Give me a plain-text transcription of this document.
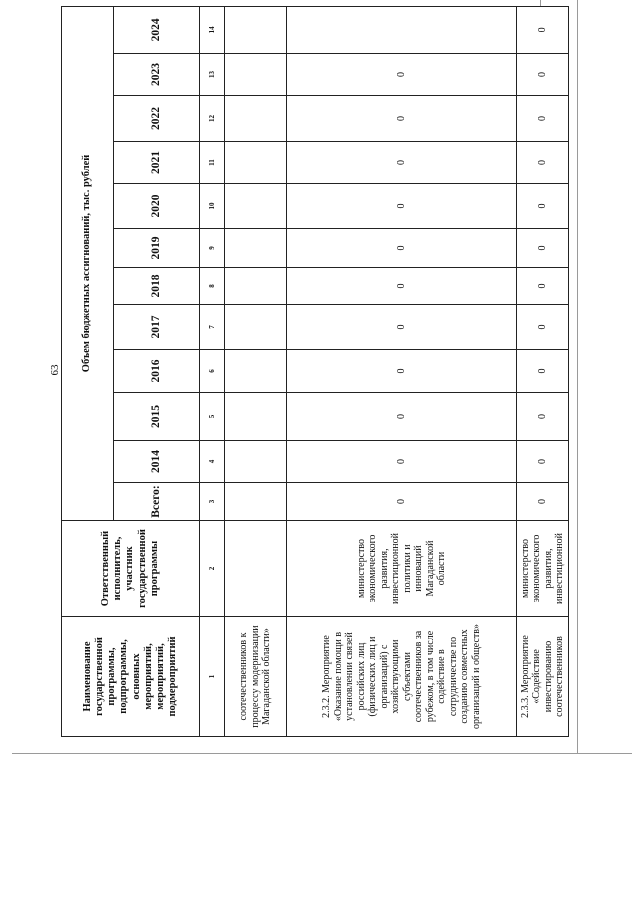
63
Наименование государственной программы, подпрограммы, основных мероприятий, мероприятий, подмероприятий	Ответственный исполнитель, участник государственной программы	Объем бюджетных ассигнований, тыс. рублей											
		Всего:	2014	2015	2016	2017	2018	2019	2020	2021	2022	2023	2024
1	2	3	4	5	6	7	8	9	10	11	12	13	14
соотечественников к процессу модернизации Магаданской области»													
2.3.2. Мероприятие «Оказание помощи в установлении связей российских лиц (физических лиц и организаций) с хозяйствующими субъектами соотечественников за рубежом, в том числе содействие в сотрудничестве по созданию совместных организаций и обществ»	министерство экономического развития, инвестиционной политики и инноваций Магаданской области	0	0	0	0	0	0	0	0	0	0	0	
2.3.3. Мероприятие «Содействие инвестированию соотечественников	министерство экономического развития, инвестиционной	0	0	0	0	0	0	0	0	0	0	0	0
